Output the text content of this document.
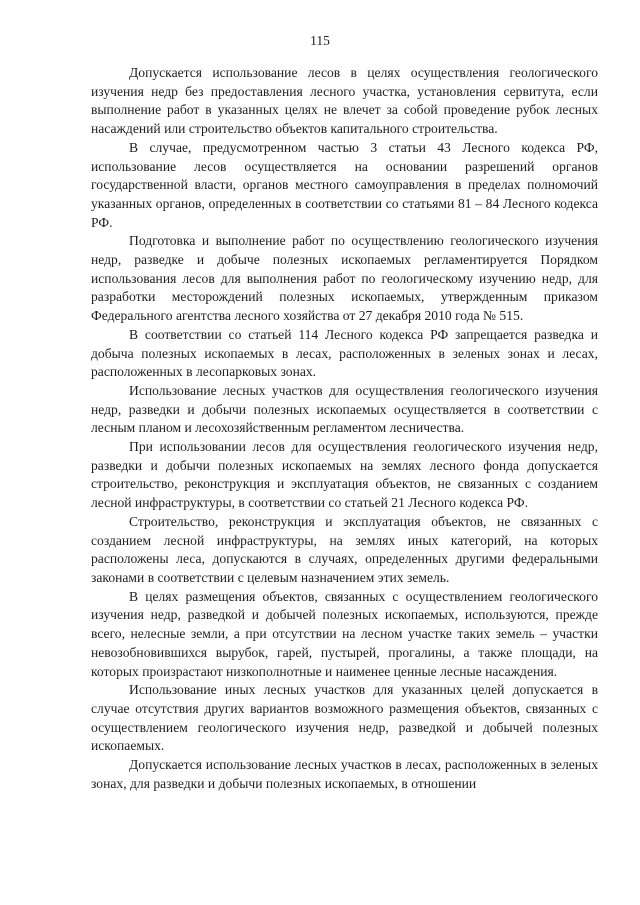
115

Допускается использование лесов в целях осуществления геологического изучения недр без предоставления лесного участка, установления сервитута, если выполнение работ в указанных целях не влечет за собой проведение рубок лесных насаждений или строительство объектов капитального строительства.

В случае, предусмотренном частью 3 статьи 43 Лесного кодекса РФ, использование лесов осуществляется на основании разрешений органов государственной власти, органов местного самоуправления в пределах полномочий указанных органов, определенных в соответствии со статьями 81 – 84 Лесного кодекса РФ.

Подготовка и выполнение работ по осуществлению геологического изучения недр, разведке и добыче полезных ископаемых регламентируется Порядком использования лесов для выполнения работ по геологическому изучению недр, для разработки месторождений полезных ископаемых, утвержденным приказом Федерального агентства лесного хозяйства от 27 декабря 2010 года № 515.

В соответствии со статьей 114 Лесного кодекса РФ запрещается разведка и добыча полезных ископаемых в лесах, расположенных в зеленых зонах и лесах, расположенных в лесопарковых зонах.

Использование лесных участков для осуществления геологического изучения недр, разведки и добычи полезных ископаемых осуществляется в соответствии с лесным планом и лесохозяйственным регламентом лесничества.

При использовании лесов для осуществления геологического изучения недр, разведки и добычи полезных ископаемых на землях лесного фонда допускается строительство, реконструкция и эксплуатация объектов, не связанных с созданием лесной инфраструктуры, в соответствии со статьей 21 Лесного кодекса РФ.

Строительство, реконструкция и эксплуатация объектов, не связанных с созданием лесной инфраструктуры, на землях иных категорий, на которых расположены леса, допускаются в случаях, определенных другими федеральными законами в соответствии с целевым назначением этих земель.

В целях размещения объектов, связанных с осуществлением геологического изучения недр, разведкой и добычей полезных ископаемых, используются, прежде всего, нелесные земли, а при отсутствии на лесном участке таких земель – участки невозобновившихся вырубок, гарей, пустырей, прогалины, а также площади, на которых произрастают низкополнотные и наименее ценные лесные насаждения.

Использование иных лесных участков для указанных целей допускается в случае отсутствия других вариантов возможного размещения объектов, связанных с осуществлением геологического изучения недр, разведкой и добычей полезных ископаемых.

Допускается использование лесных участков в лесах, расположенных в зеленых зонах, для разведки и добычи полезных ископаемых, в отношении
